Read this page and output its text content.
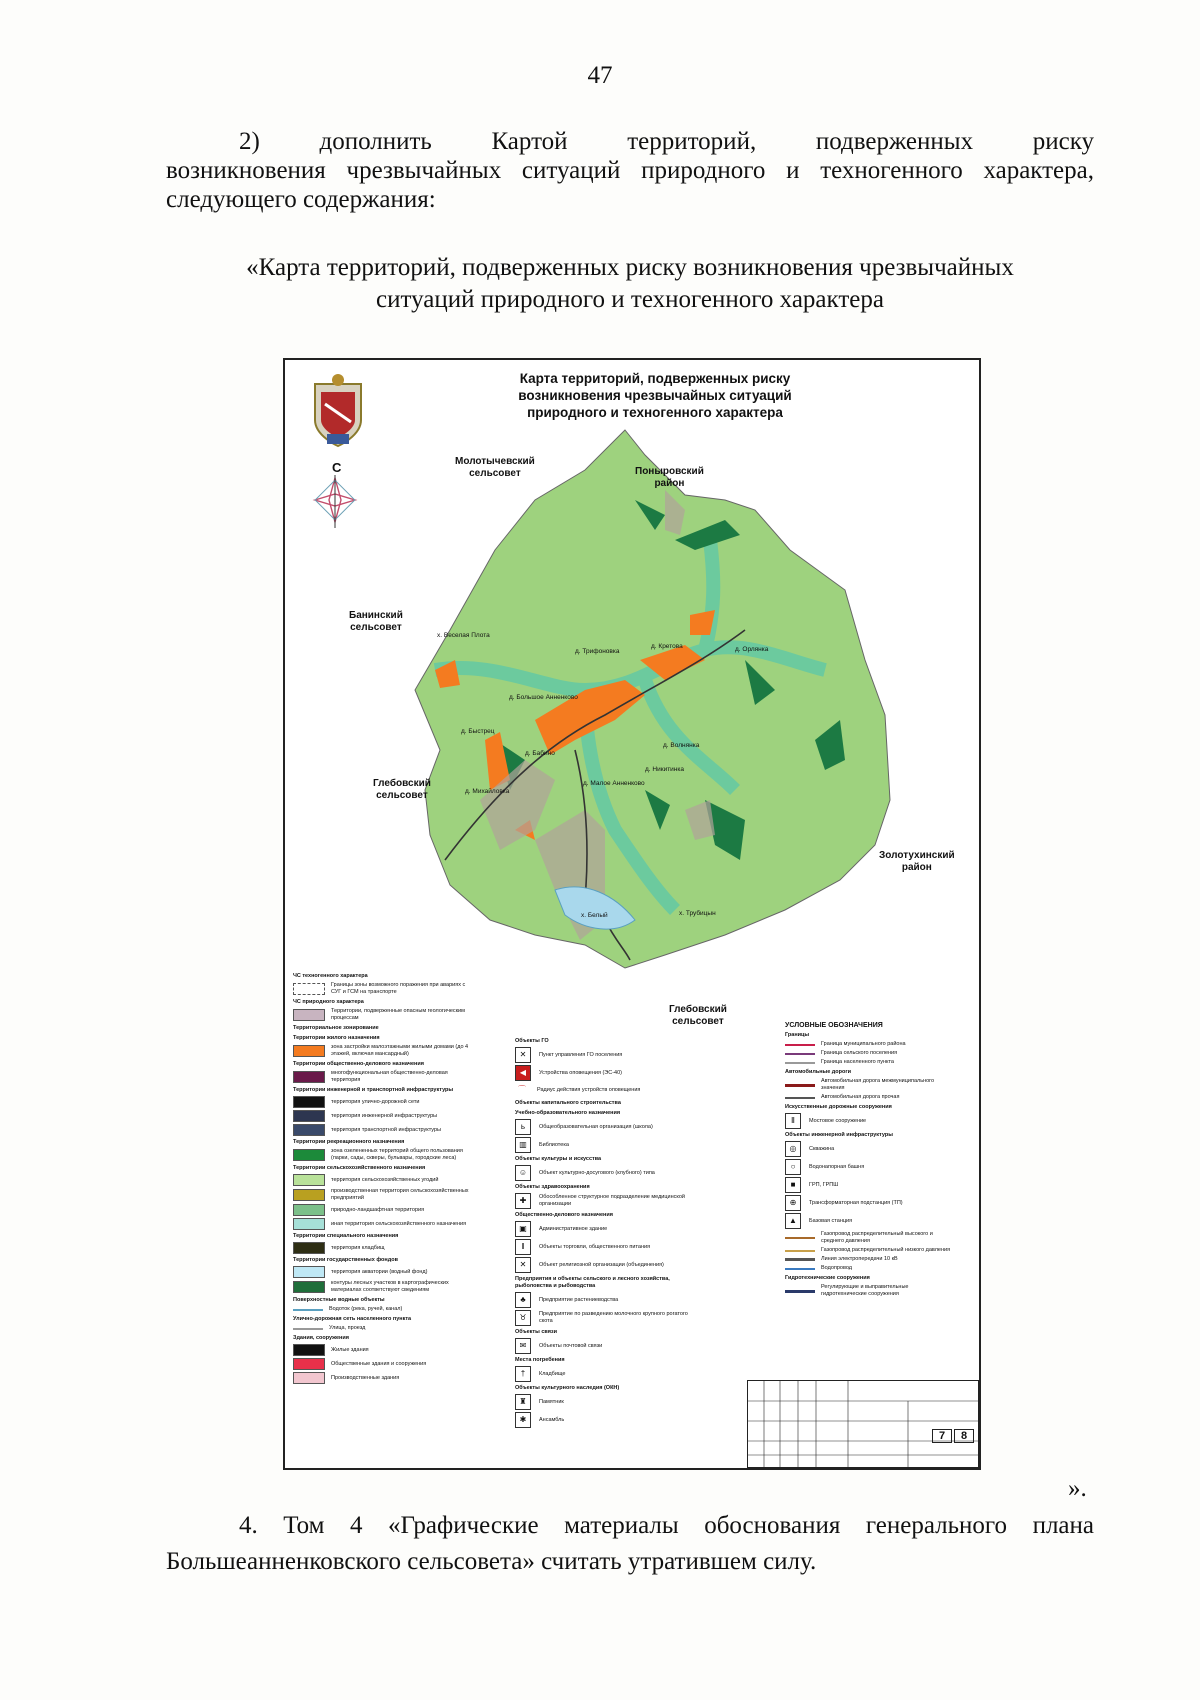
47
2) дополнить Картой территорий, подверженных риску
возникновения чрезвычайных ситуаций природного и техногенного характера, следующего содержания:
«Карта территорий, подверженных риску возникновения чрезвычайных
ситуаций природного и техногенного характера
Карта территорий, подверженных риску
возникновения чрезвычайных ситуаций
природного и техногенного характера
С	Молотычевский
сельсовет	Поныровский
район
Банинский
сельсовет
Глебовский
сельсовет
Золотухинский
район
Глебовский
сельсовет
х. Веселая Плота
д. Трифоновка
д. Кретова	д. Орлянка
д. Большое Анненково
д. Быстрец
д. Бабино
д. Волнянка
д. Никитинка
д. Михайловка
д. Малое Анненково
х. Белый	х. Трубицын
ЧС техногенного характера
Границы зоны возможного поражения при авариях с СУГ и ГСМ на транспорте
ЧС природного характера
Территории, подверженные опасным геологическим процессам
Территориальное зонирование
Территории жилого назначения
зона застройки малоэтажными жилыми домами (до 4 этажей, включая мансардный)
Территории общественно-делового назначения
многофункциональная общественно-деловая территория
Территории инженерной и транспортной инфраструктуры
территория улично-дорожной сети
территория инженерной инфраструктуры
территория транспортной инфраструктуры
Территории рекреационного назначения
зона озелененных территорий общего пользования (парки, сады, скверы, бульвары, городские леса)
Территории сельскохозяйственного назначения
территория сельскохозяйственных угодий
производственная территория сельскохозяйственных предприятий
природно-ландшафтная территория
иная территория сельскохозяйственного назначения
Территории специального назначения
территория кладбищ
Территории государственных фондов
территория акватории (водный фонд)
контуры лесных участков в картографических материалах соответствуют сведениям
Поверхностные водные объекты
Водоток (река, ручей, канал)
Улично-дорожная сеть населенного пункта
Улица, проезд
Здания, сооружения
Жилые здания
Общественные здания и сооружения
Производственные здания
Объекты ГО
✕	Пункт управления ГО поселения
◀	Устройства оповещения (ЭС-40)
⌒	Радиус действия устройств оповещения
Объекты капитального строительства
Учебно-образовательного назначения
ь	Общеобразовательная организация (школа)
▥	Библиотека
Объекты культуры и искусства
☺	Объект культурно-досугового (клубного) типа
Объекты здравоохранения
✚	Обособленное структурное подразделение медицинской организации
Общественно-делового назначения
▣	Административное здание
‖	Объекты торговли, общественного питания
✕	Объект религиозной организации (объединения)
Предприятия и объекты сельского и лесного хозяйства, рыболовства и рыбоводства
♣	Предприятие растениеводства
♉	Предприятие по разведению молочного крупного рогатого скота
Объекты связи
✉	Объекты почтовой связи
Места погребения
†	Кладбище
Объекты культурного наследия (ОКН)
♜	Памятник
✱	Ансамбль
УСЛОВНЫЕ ОБОЗНАЧЕНИЯ
Границы
Граница муниципального района
Граница сельского поселения
Граница населенного пункта
Автомобильные дороги
Автомобильная дорога межмуниципального значения
Автомобильная дорога прочая
Искусственные дорожные сооружения
Ⅱ	Мостовое сооружение
Объекты инженерной инфраструктуры
◎	Скважина
○	Водонапорная башня
■	ГРП, ГРПШ
⊕	Трансформаторная подстанция (ТП)
▲	Базовая станция
Газопровод распределительный высокого и среднего давления
Газопровод распределительный низкого давления
Линия электропередачи 10 кВ
Водопровод
Гидротехнические сооружения
Регулирующие и выправительные гидротехнические сооружения
7 8
».
4. Том 4 «Графические материалы обоснования генерального плана Большеанненковского сельсовета» считать утратившем силу.
